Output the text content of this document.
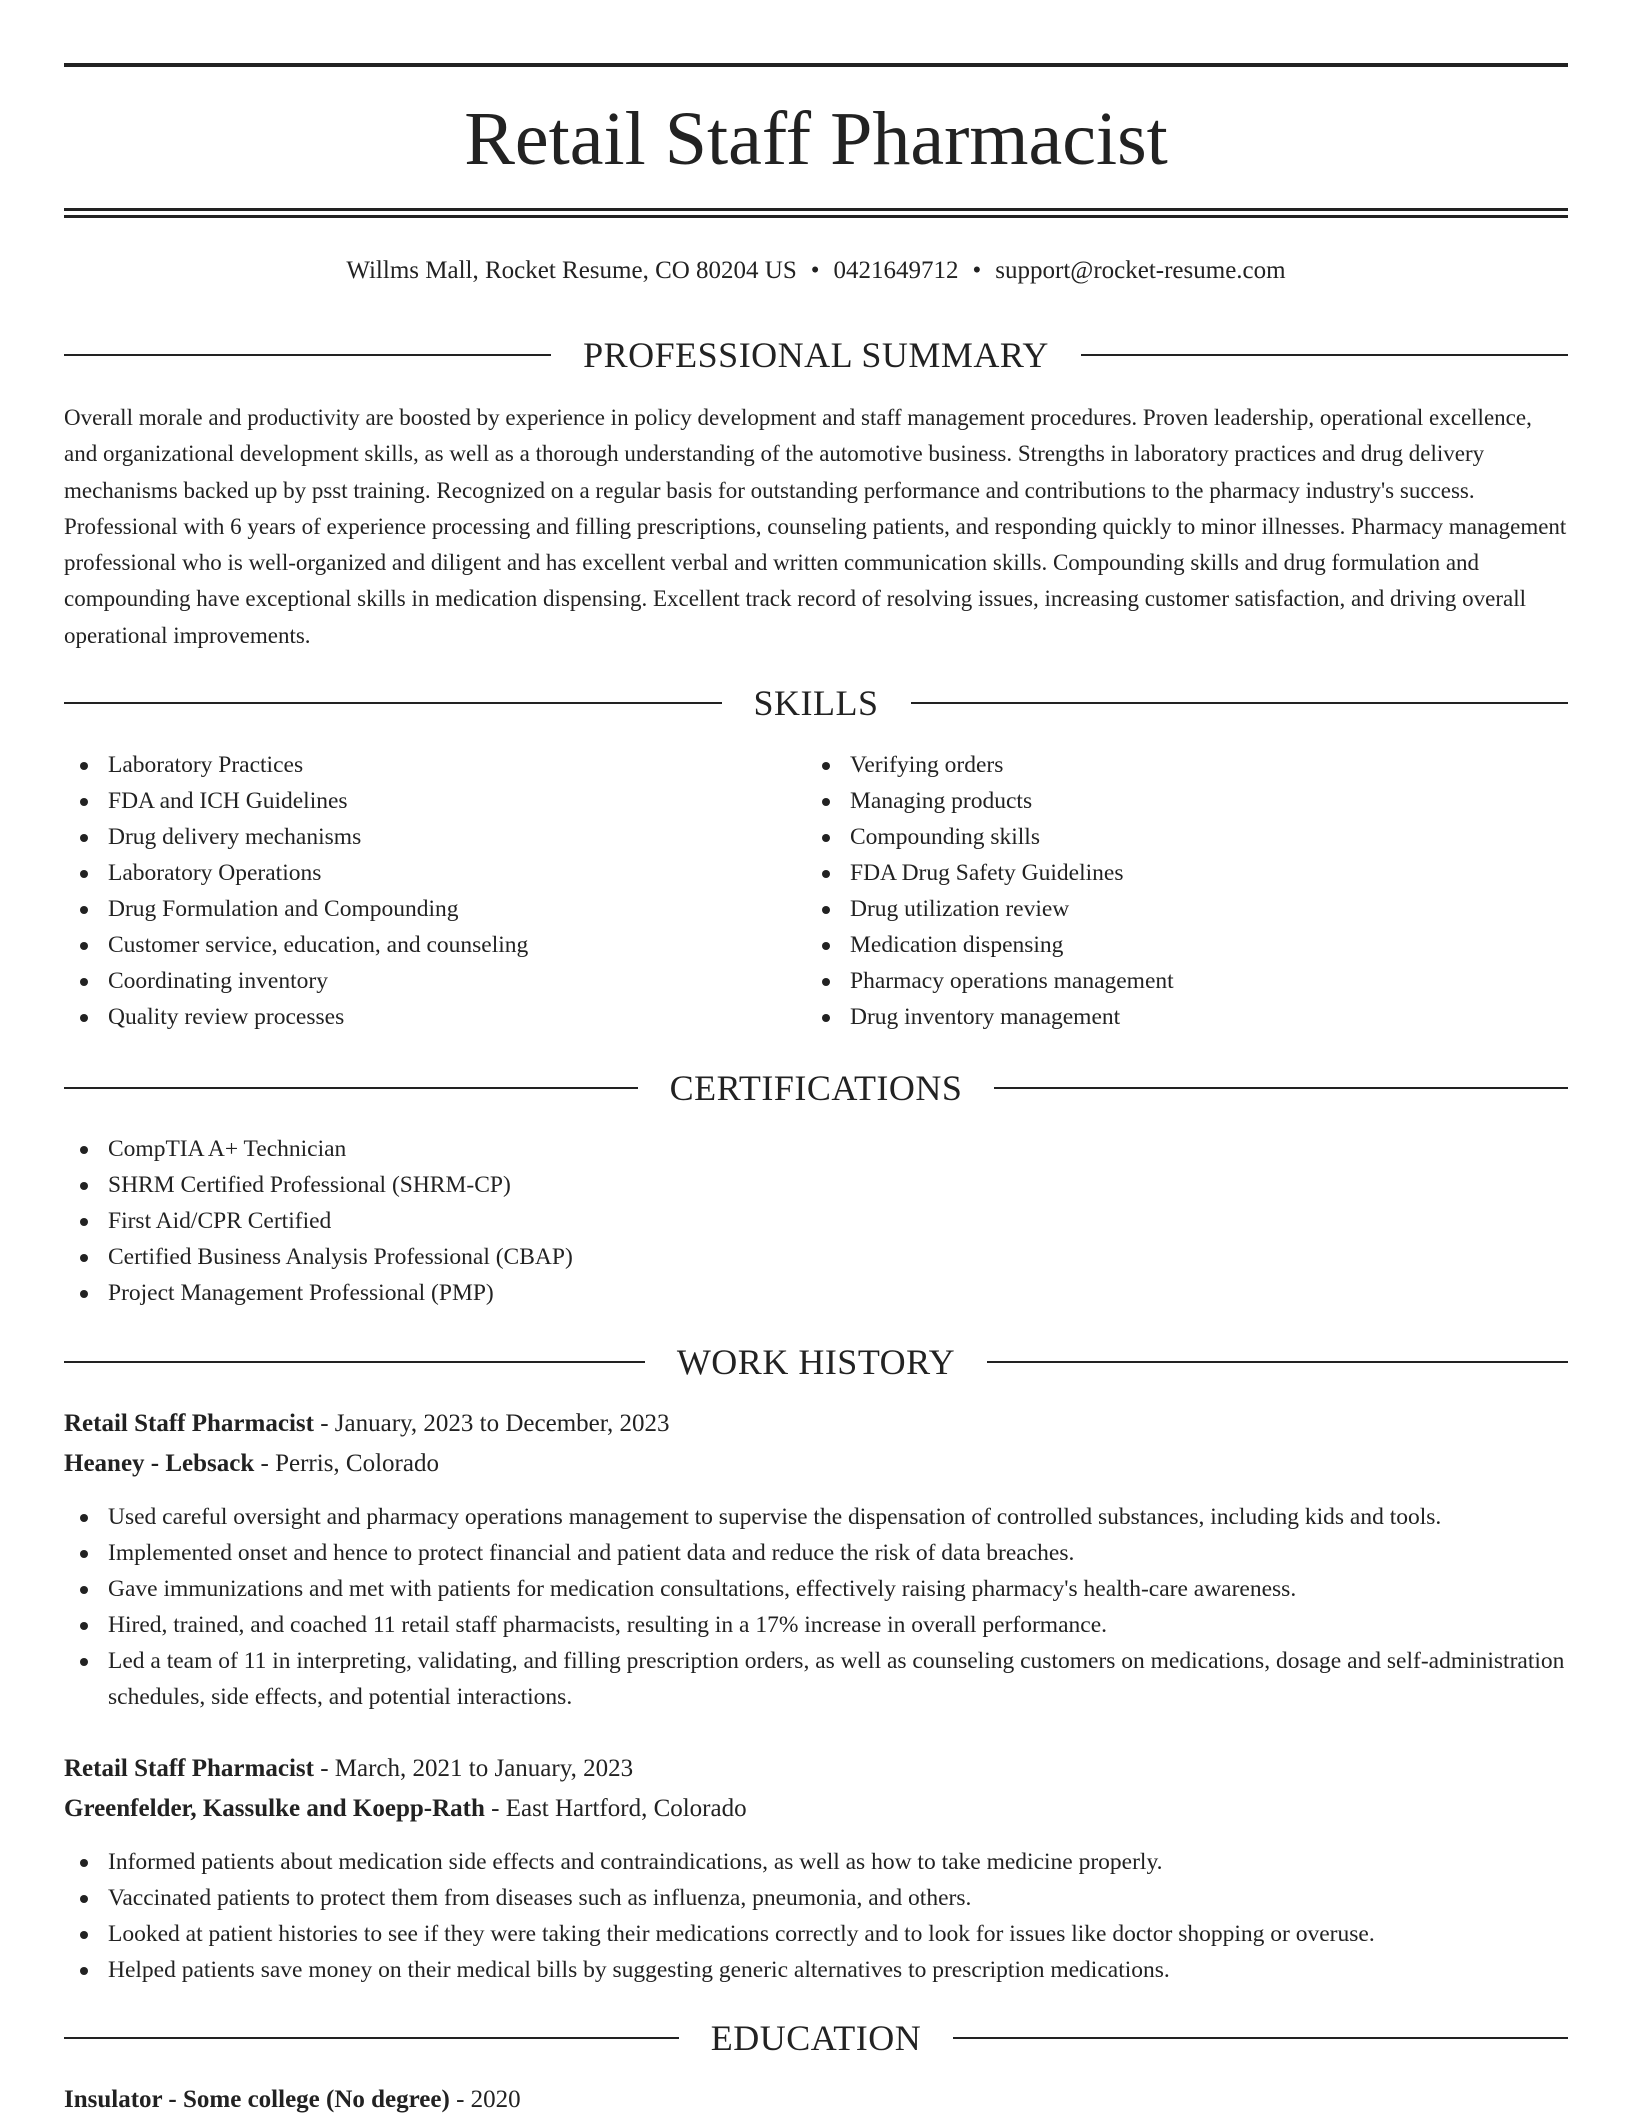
Retail Staff Pharmacist
Willms Mall, Rocket Resume, CO 80204 US • 0421649712 • support@rocket-resume.com
PROFESSIONAL SUMMARY

Overall morale and productivity are boosted by experience in policy development and staff management procedures. Proven leadership, operational excellence, and organizational development skills, as well as a thorough understanding of the automotive business. Strengths in laboratory practices and drug delivery mechanisms backed up by psst training. Recognized on a regular basis for outstanding performance and contributions to the pharmacy industry's success. Professional with 6 years of experience processing and filling prescriptions, counseling patients, and responding quickly to minor illnesses. Pharmacy management professional who is well-organized and diligent and has excellent verbal and written communication skills. Compounding skills and drug formulation and compounding have exceptional skills in medication dispensing. Excellent track record of resolving issues, increasing customer satisfaction, and driving overall operational improvements.

SKILLS
Laboratory Practices
FDA and ICH Guidelines
Drug delivery mechanisms
Laboratory Operations
Drug Formulation and Compounding
Customer service, education, and counseling
Coordinating inventory
Quality review processes
Verifying orders
Managing products
Compounding skills
FDA Drug Safety Guidelines
Drug utilization review
Medication dispensing
Pharmacy operations management
Drug inventory management
CERTIFICATIONS
CompTIA A+ Technician
SHRM Certified Professional (SHRM-CP)
First Aid/CPR Certified
Certified Business Analysis Professional (CBAP)
Project Management Professional (PMP)
WORK HISTORY
Retail Staff Pharmacist - January, 2023 to December, 2023
Heaney - Lebsack - Perris, Colorado
Used careful oversight and pharmacy operations management to supervise the dispensation of controlled substances, including kids and tools.
Implemented onset and hence to protect financial and patient data and reduce the risk of data breaches.
Gave immunizations and met with patients for medication consultations, effectively raising pharmacy's health-care awareness.
Hired, trained, and coached 11 retail staff pharmacists, resulting in a 17% increase in overall performance.
Led a team of 11 in interpreting, validating, and filling prescription orders, as well as counseling customers on medications, dosage and self-administration schedules, side effects, and potential interactions.
Retail Staff Pharmacist - March, 2021 to January, 2023
Greenfelder, Kassulke and Koepp-Rath - East Hartford, Colorado
Informed patients about medication side effects and contraindications, as well as how to take medicine properly.
Vaccinated patients to protect them from diseases such as influenza, pneumonia, and others.
Looked at patient histories to see if they were taking their medications correctly and to look for issues like doctor shopping or overuse.
Helped patients save money on their medical bills by suggesting generic alternatives to prescription medications.
EDUCATION
Insulator - Some college (No degree) - 2020
